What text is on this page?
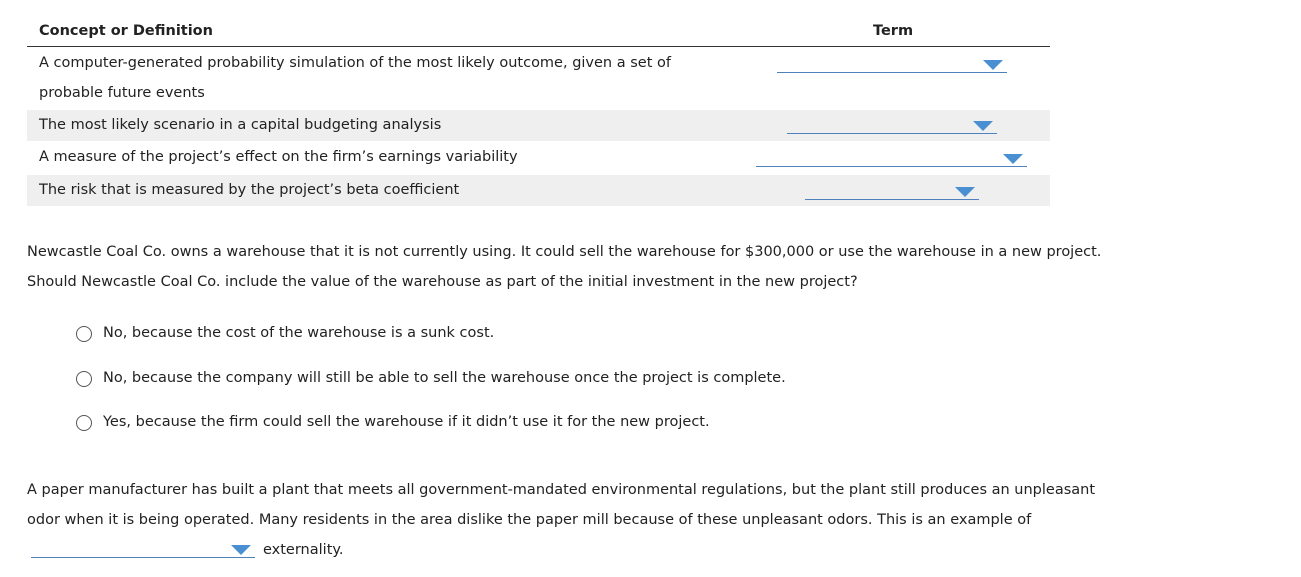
Concept or Definition	Term
A computer-generated probability simulation of the most likely outcome, given a set of
probable future events
The most likely scenario in a capital budgeting analysis
A measure of the project’s effect on the firm’s earnings variability
The risk that is measured by the project’s beta coefficient
Newcastle Coal Co. owns a warehouse that it is not currently using. It could sell the warehouse for $300,000 or use the warehouse in a new project.
Should Newcastle Coal Co. include the value of the warehouse as part of the initial investment in the new project?
No, because the cost of the warehouse is a sunk cost.
No, because the company will still be able to sell the warehouse once the project is complete.
Yes, because the firm could sell the warehouse if it didn’t use it for the new project.
A paper manufacturer has built a plant that meets all government-mandated environmental regulations, but the plant still produces an unpleasant
odor when it is being operated. Many residents in the area dislike the paper mill because of these unpleasant odors. This is an example of
externality.
